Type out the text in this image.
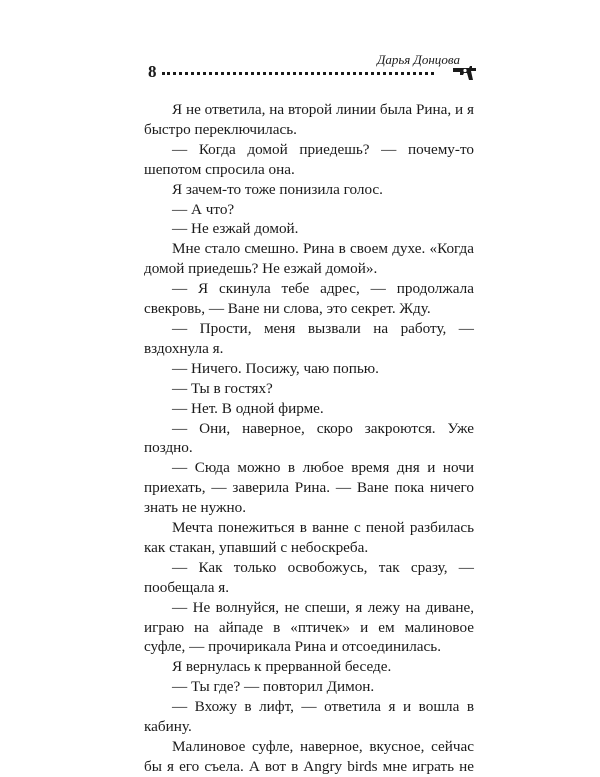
8
Дарья Донцова

Я не ответила, на второй линии была Рина, и я быстро переключилась.

— Когда домой приедешь? — почему-то шепотом спросила она.

Я зачем-то тоже понизила голос.

— А что?

— Не езжай домой.

Мне стало смешно. Рина в своем духе. «Когда домой приедешь? Не езжай домой».

— Я скинула тебе адрес, — продолжала свекровь, — Ване ни слова, это секрет. Жду.

— Прости, меня вызвали на работу, — вздохнула я.

— Ничего. Посижу, чаю попью.

— Ты в гостях?

— Нет. В одной фирме.

— Они, наверное, скоро закроются. Уже поздно.

— Сюда можно в любое время дня и ночи приехать, — заверила Рина. — Ване пока ничего знать не нужно.

Мечта понежиться в ванне с пеной разбилась как стакан, упавший с небоскреба.

— Как только освобожусь, так сразу, — пообещала я.

— Не волнуйся, не спеши, я лежу на диване, играю на айпаде в «птичек» и ем малиновое суфле, — прочирикала Рина и отсоединилась.

Я вернулась к прерванной беседе.

— Ты где? — повторил Димон.

— Вхожу в лифт, — ответила я и вошла в кабину.

Малиновое суфле, наверное, вкусное, сейчас бы я его съела. А вот в Angry birds мне играть не
